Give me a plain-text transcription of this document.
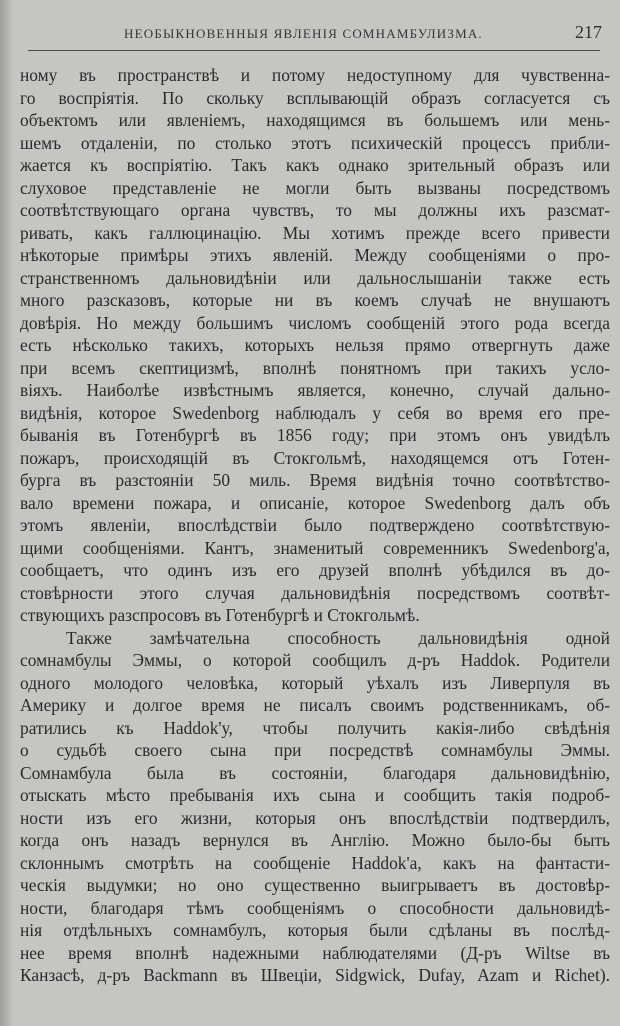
НЕОБЫКНОВЕННЫЯ ЯВЛЕНІЯ СОМНАМБУЛИЗМА.	217
ному въ пространствѣ и потому недоступному для чувственна-
го воспріятія. По скольку всплывающій образъ согласуется съ
объектомъ или явленіемъ, находящимся въ большемъ или мень-
шемъ отдаленіи, по столько этотъ психическій процессъ прибли-
жается къ воспріятію. Такъ какъ однако зрительный образъ или
слуховое представленіе не могли быть вызваны посредствомъ
соотвѣтствующаго органа чувствъ, то мы должны ихъ разсмат-
ривать, какъ галлюцинацію. Мы хотимъ прежде всего привести
нѣкоторые примѣры этихъ явленій. Между сообщеніями о про-
странственномъ дальновидѣніи или дальнослышаніи также есть
много разсказовъ, которые ни въ коемъ случаѣ не внушаютъ
довѣрія. Но между большимъ числомъ сообщеній этого рода всегда
есть нѣсколько такихъ, которыхъ нельзя прямо отвергнуть даже
при всемъ скептицизмѣ, вполнѣ понятномъ при такихъ усло-
віяхъ. Наиболѣе извѣстнымъ является, конечно, случай дально-
видѣнія, которое Swedenborg наблюдалъ у себя во время его пре-
быванія въ Готенбургѣ въ 1856 году; при этомъ онъ увидѣлъ
пожаръ, происходящій въ Стокгольмѣ, находящемся отъ Готен-
бурга въ разстояніи 50 миль. Время видѣнія точно соотвѣтство-
вало времени пожара, и описаніе, которое Swedenborg далъ объ
этомъ явленіи, впослѣдствіи было подтверждено соотвѣтствую-
щими сообщеніями. Кантъ, знаменитый современникъ Swedenborg'a,
сообщаетъ, что одинъ изъ его друзей вполнѣ убѣдился въ до-
стовѣрности этого случая дальновидѣнія посредствомъ соотвѣт-
ствующихъ разспросовъ въ Готенбургѣ и Стокгольмѣ.
Также замѣчательна способность дальновидѣнія одной
сомнамбулы Эммы, о которой сообщилъ д-ръ Haddok. Родители
одного молодого человѣка, который уѣхалъ изъ Ливерпуля въ
Америку и долгое время не писалъ своимъ родственникамъ, об-
ратились къ Haddok'у, чтобы получить какія-либо свѣдѣнія
о судьбѣ своего сына при посредствѣ сомнамбулы Эммы.
Сомнамбула была въ состояніи, благодаря дальновидѣнію,
отыскать мѣсто пребыванія ихъ сына и сообщить такія подроб-
ности изъ его жизни, которыя онъ впослѣдствіи подтвердилъ,
когда онъ назадъ вернулся въ Англію. Можно было-бы быть
склоннымъ смотрѣть на сообщеніе Haddok'a, какъ на фантасти-
ческія выдумки; но оно существенно выигрываетъ въ достовѣр-
ности, благодаря тѣмъ сообщеніямъ о способности дальновидѣ-
нія отдѣльныхъ сомнамбулъ, которыя были сдѣланы въ послѣд-
нее время вполнѣ надежными наблюдателями (Д-ръ Wiltse въ
Канзасѣ, д-ръ Backmann въ Швеціи, Sidgwick, Dufay, Azam и Richet).
